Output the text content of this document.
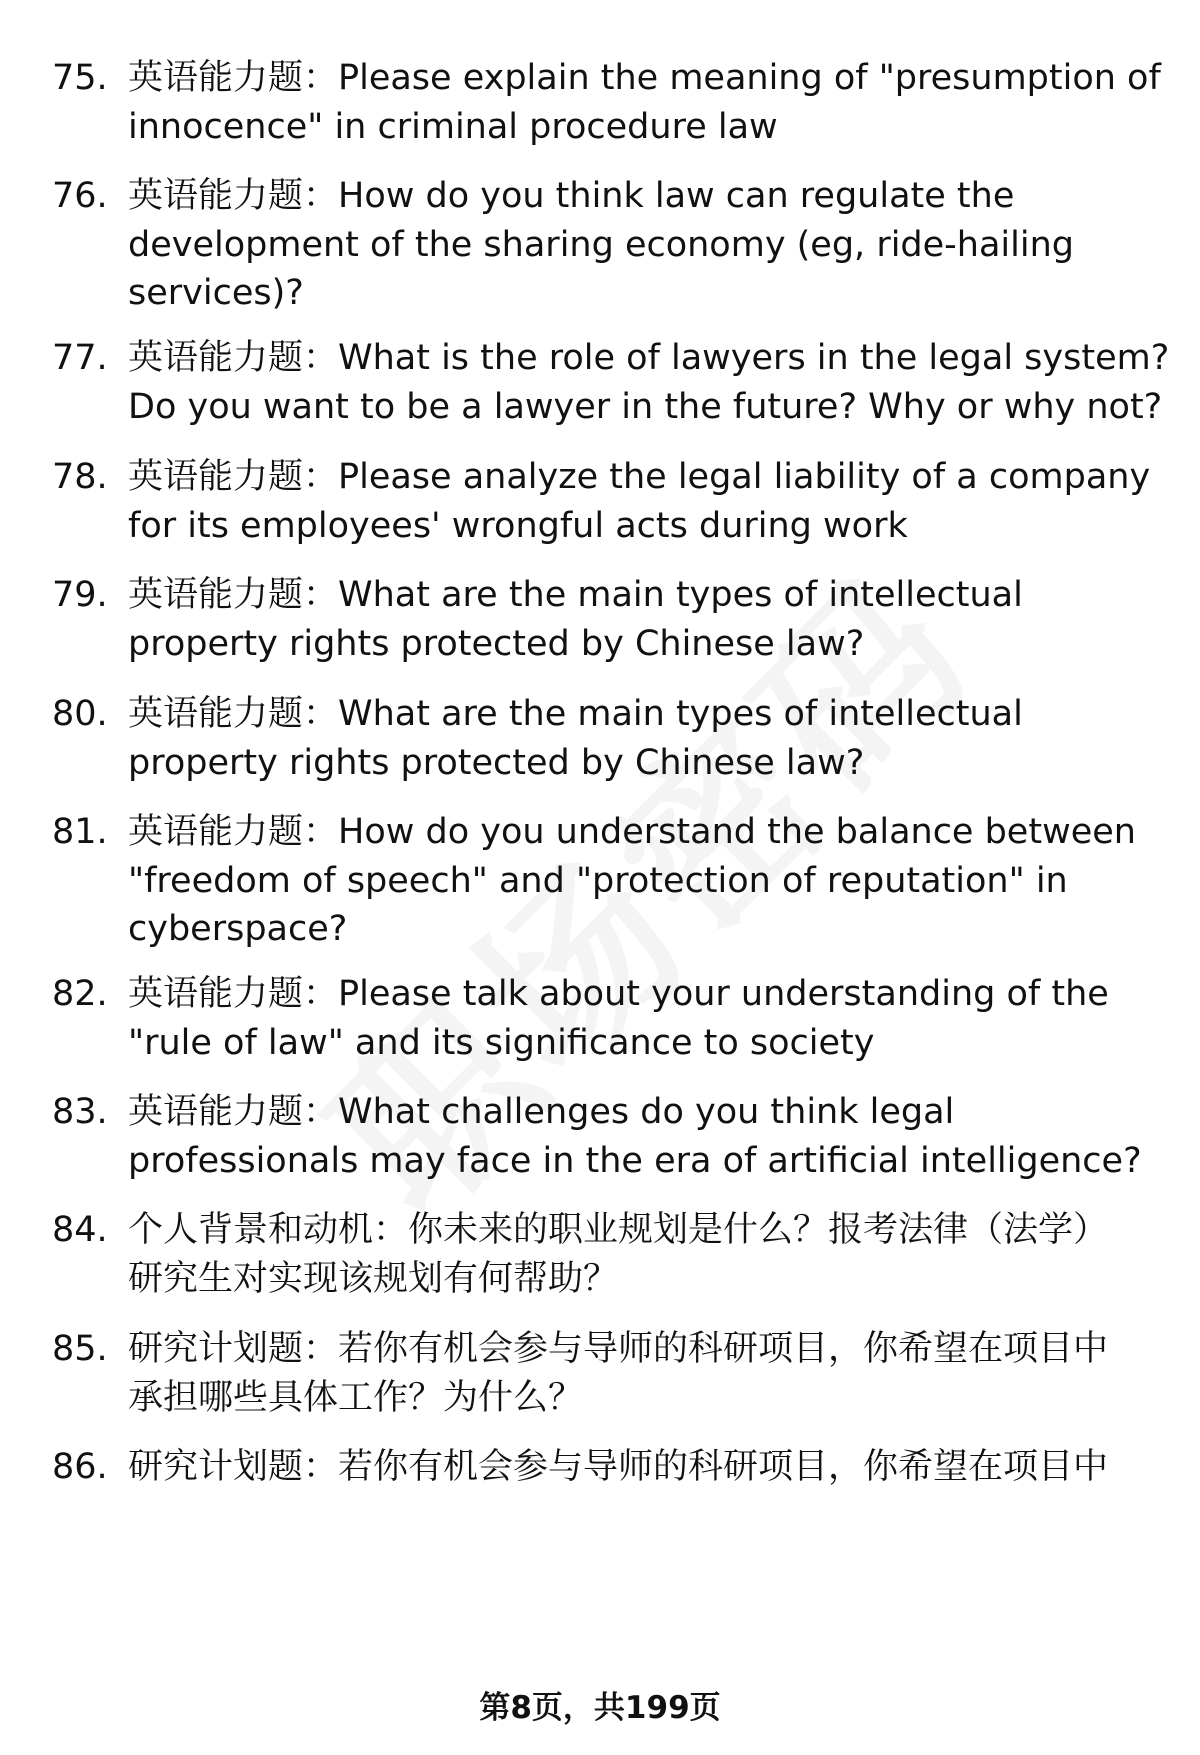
75. 英语能力题：Please explain the meaning of "presumption of
innocence" in criminal procedure law
76. 英语能力题：How do you think law can regulate the
development of the sharing economy (eg, ride-hailing
services)?
77. 英语能力题：What is the role of lawyers in the legal system?
Do you want to be a lawyer in the future? Why or why not?
78. 英语能力题：Please analyze the legal liability of a company
for its employees' wrongful acts during work
79. 英语能力题：What are the main types of intellectual
property rights protected by Chinese law?
80. 英语能力题：What are the main types of intellectual
property rights protected by Chinese law?
81. 英语能力题：How do you understand the balance between
"freedom of speech" and "protection of reputation" in
cyberspace?
82. 英语能力题：Please talk about your understanding of the
"rule of law" and its significance to society
83. 英语能力题：What challenges do you think legal
professionals may face in the era of artificial intelligence?
84. 个人背景和动机：你未来的职业规划是什么？报考法律（法学）
研究生对实现该规划有何帮助？
85. 研究计划题：若你有机会参与导师的科研项目，你希望在项目中
承担哪些具体工作？为什么？
86. 研究计划题：若你有机会参与导师的科研项目，你希望在项目中
第8页，共199页
